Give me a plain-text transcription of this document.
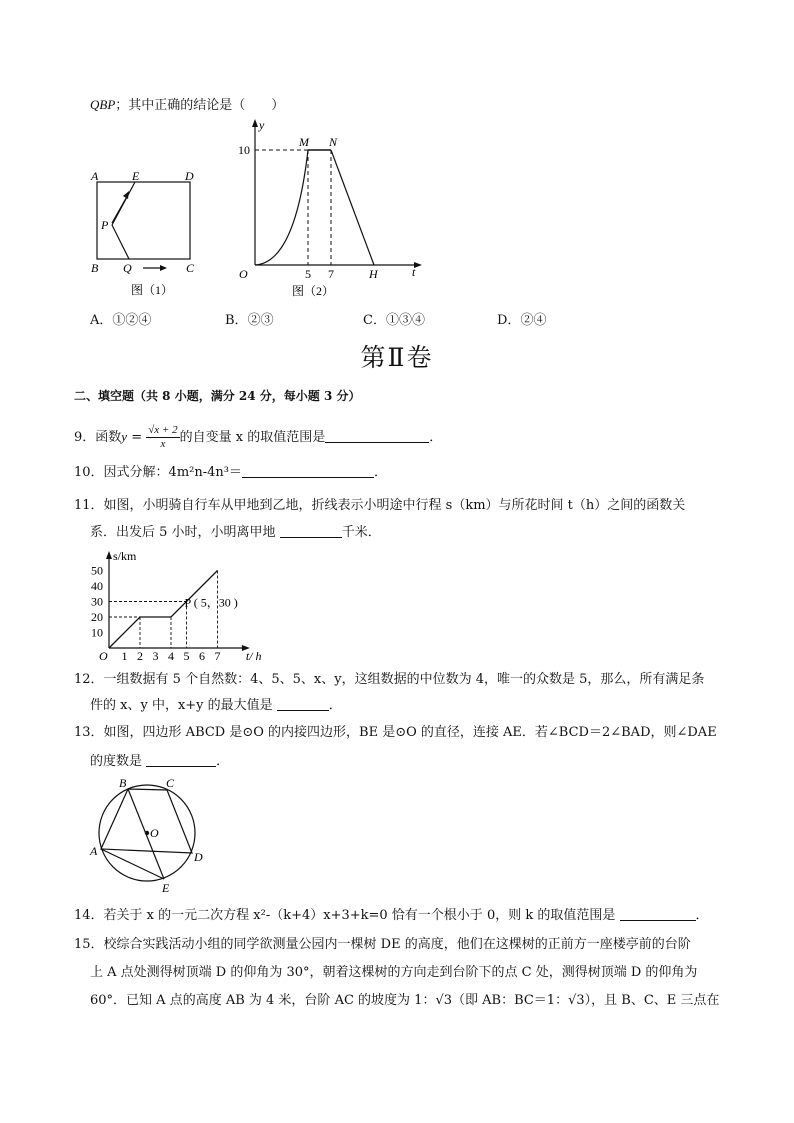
QBP；其中正确的结论是（　　）
A	E	D
P
B Q	C
图（1）
y
10
M N
O	5 7	H	t
图（2）
A．①②④	B．②③	C．①③④	D．②④
第Ⅱ卷
二、填空题（共 8 小题，满分 24 分，每小题 3 分）
9．函数$y = \frac{√x + 2}{x}$ 的自变量 x 的取值范围是	．
10．因式分解：4m²n-4n³＝	．
11．如图，小明骑自行车从甲地到乙地，折线表示小明途中行程 s（km）与所花时间 t（h）之间的函数关
系．出发后 5 小时，小明离甲地	千米．
O 1 2 3 4 5 6 7
10
20
30
40
50
s/km
t/ h
P ( 5，30 )
12．一组数据有 5 个自然数：4、5、5、x、y，这组数据的中位数为 4，唯一的众数是 5，那么，所有满足条
件的 x、y 中，x+y 的最大值是	．
13．如图，四边形 ABCD 是⊙O 的内接四边形，BE 是⊙O 的直径，连接 AE．若∠BCD＝2∠BAD，则∠DAE
的度数是	．
B	C
O
A	D
E
14．若关于 x 的一元二次方程 x²-（k+4）x+3+k=0 恰有一个根小于 0，则 k 的取值范围是	．
15．校综合实践活动小组的同学欲测量公园内一棵树 DE 的高度，他们在这棵树的正前方一座楼亭前的台阶
上 A 点处测得树顶端 D 的仰角为 30°，朝着这棵树的方向走到台阶下的点 C 处，测得树顶端 D 的仰角为
60°．已知 A 点的高度 AB 为 4 米，台阶 AC 的坡度为 1：√3（即 AB：BC＝1：√3），且 B、C、E 三点在
